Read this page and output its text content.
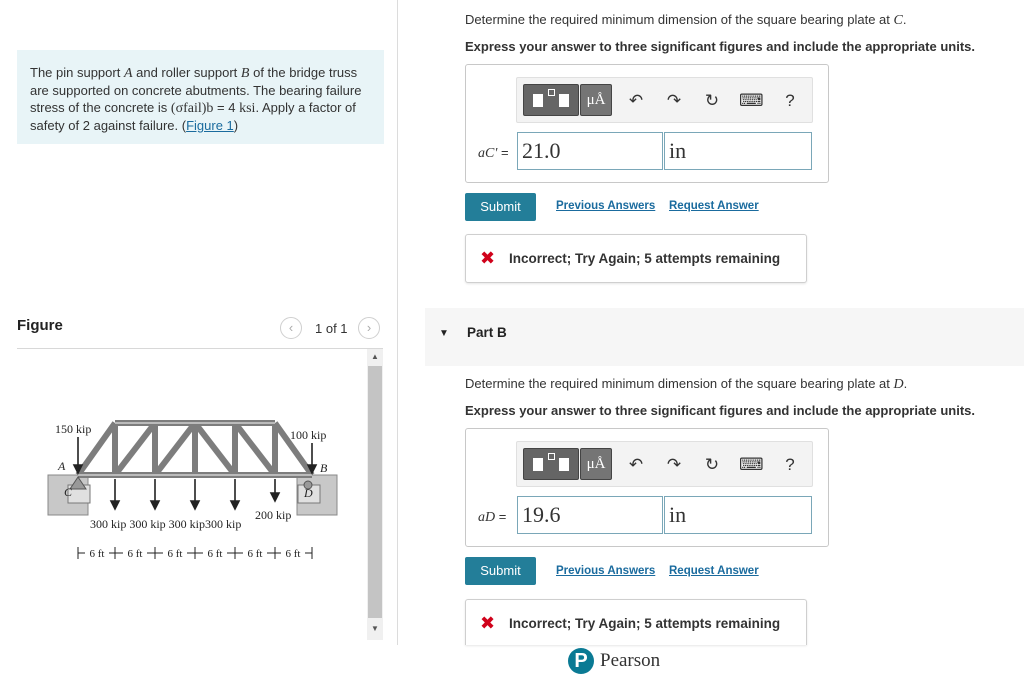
The pin support A and roller support B of the bridge truss are supported on concrete abutments. The bearing failure stress of the concrete is (σfail)b = 4 ksi. Apply a factor of safety of 2 against failure. (Figure 1)
Figure	‹	1 of 1	›
150 kip	100 kip
A	B
C	D
200 kip
300 kip 300 kip 300 kip300 kip
6 ft 6 ft 6 ft 6 ft 6 ft 6 ft
▲
▼
Determine the required minimum dimension of the square bearing plate at C.
Express your answer to three significant figures and include the appropriate units.
μÅ	↶ ↷ ↻ ⌨	?
aC' = 21.0	in
Submit	Previous Answers Request Answer
✖ Incorrect; Try Again; 5 attempts remaining
▼ Part B
Determine the required minimum dimension of the square bearing plate at D.
Express your answer to three significant figures and include the appropriate units.
μÅ	↶ ↷ ↻ ⌨	?
aD = 19.6	in
Submit	Previous Answers Request Answer
✖ Incorrect; Try Again; 5 attempts remaining
P Pearson
